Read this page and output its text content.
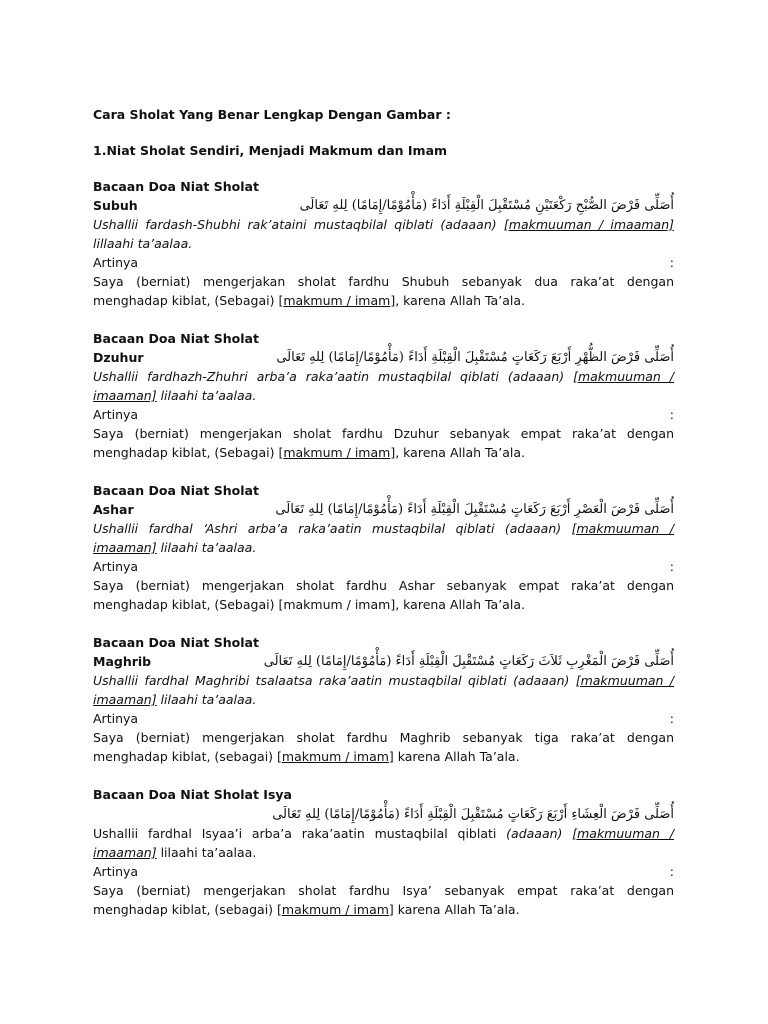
Cara Sholat Yang Benar Lengkap Dengan Gambar :

1.Niat Sholat Sendiri, Menjadi Makmum dan Imam

Bacaan Doa Niat Sholat Subuh	أُصَلِّى فَرْضَ الصُّبْحِ رَكْعَتَيْنِ مُسْتَقْبِلَ الْقِبْلَةِ أَدَاءً (مَأْمُوْمًا/إِمَامًا) لِلهِ تَعَالَى

Ushallii fardash-Shubhi rak’ataini mustaqbilal qiblati (adaaan) [makmuuman / imaaman] lillaahi ta’aalaa.

Artinya	:

Saya (berniat) mengerjakan sholat fardhu Shubuh sebanyak dua raka’at dengan menghadap kiblat, (Sebagai) [makmum / imam], karena Allah Ta’ala.

Bacaan Doa Niat Sholat Dzuhur	أُصَلِّى فَرْضَ الظُّهْرِ أَرْبَعَ رَكَعَاتٍ مُسْتَقْبِلَ الْقِبْلَةِ أَدَاءً (مَأْمُوْمًا/إِمَامًا) لِلهِ تَعَالَى

Ushallii fardhazh-Zhuhri arba’a raka’aatin mustaqbilal qiblati (adaaan) [makmuuman / imaaman] lilaahi ta’aalaa.

Artinya	:

Saya (berniat) mengerjakan sholat fardhu Dzuhur sebanyak empat raka’at dengan menghadap kiblat, (Sebagai) [makmum / imam], karena Allah Ta’ala.

Bacaan Doa Niat Sholat Ashar	أُصَلِّى فَرْضَ الْعَصْرِ أَرْبَعَ رَكَعَاتٍ مُسْتَقْبِلَ الْقِبْلَةِ أَدَاءً (مَأْمُوْمًا/إِمَامًا) لِلهِ تَعَالَى

Ushallii fardhal ‘Ashri arba’a raka’aatin mustaqbilal qiblati (adaaan) [makmuuman / imaaman] lilaahi ta’aalaa.

Artinya	:

Saya (berniat) mengerjakan sholat fardhu Ashar sebanyak empat raka’at dengan menghadap kiblat, (Sebagai) [makmum / imam], karena Allah Ta’ala.

Bacaan Doa Niat Sholat Maghrib	أُصَلِّى فَرْضَ الْمَغْرِبِ ثَلاَثَ رَكَعَاتٍ مُسْتَقْبِلَ الْقِبْلَةِ أَدَاءً (مَأْمُوْمًا/إِمَامًا) لِلهِ تَعَالَى

Ushallii fardhal Maghribi tsalaatsa raka’aatin mustaqbilal qiblati (adaaan) [makmuuman / imaaman] lilaahi ta’aalaa.

Artinya	:

Saya (berniat) mengerjakan sholat fardhu Maghrib sebanyak tiga raka’at dengan menghadap kiblat, (sebagai) [makmum / imam] karena Allah Ta’ala.

Bacaan Doa Niat Sholat Isya
أُصَلِّى فَرْضَ الْعِشَاءِ أَرْبَعَ رَكَعَاتٍ مُسْتَقْبِلَ الْقِبْلَةِ أَدَاءً (مَأْمُوْمًا/إِمَامًا) لِلهِ تَعَالَى

Ushallii fardhal Isyaa’i arba’a raka’aatin mustaqbilal qiblati (adaaan) [makmuuman / imaaman] lilaahi ta’aalaa.

Artinya	:

Saya (berniat) mengerjakan sholat fardhu Isya’ sebanyak empat raka’at dengan menghadap kiblat, (sebagai) [makmum / imam] karena Allah Ta’ala.
